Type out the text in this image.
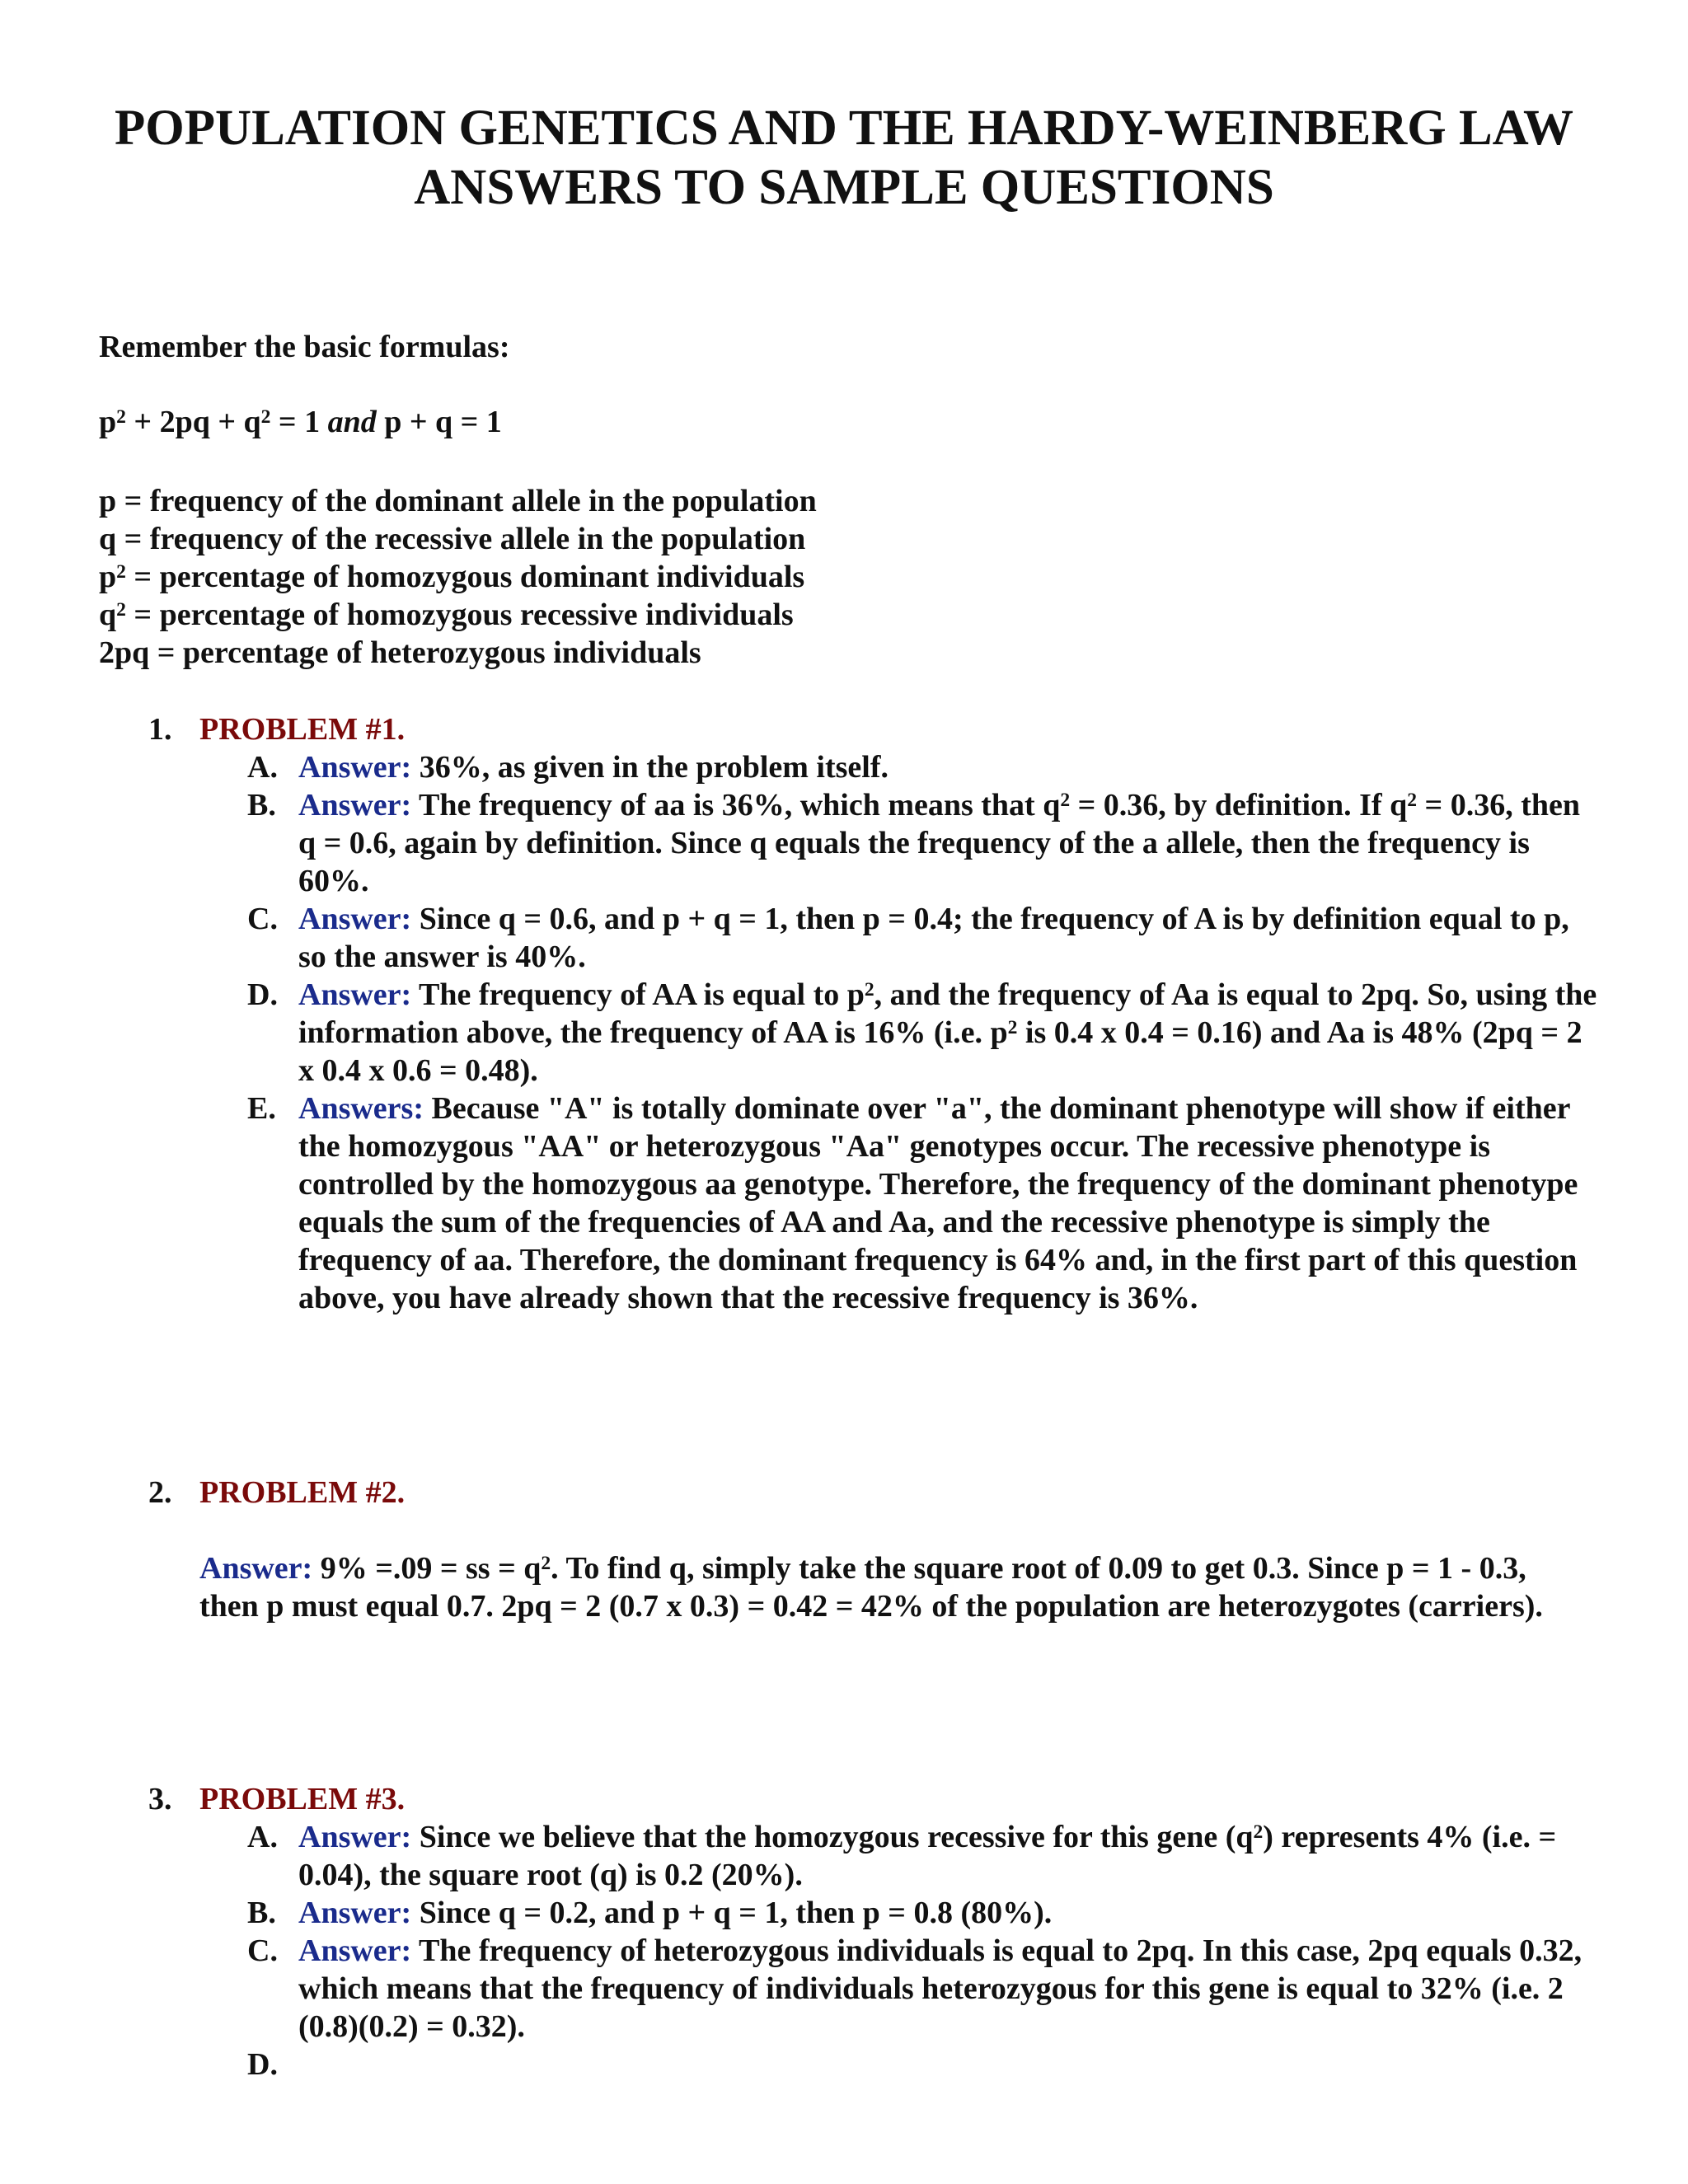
POPULATION GENETICS AND THE HARDY-WEINBERG LAW
ANSWERS TO SAMPLE QUESTIONS
Remember the basic formulas:
$p^2 + 2pq + q^2 = 1$ and p + q = 1
p = frequency of the dominant allele in the population
q = frequency of the recessive allele in the population
$p^2$ = percentage of homozygous dominant individuals
$q^2$ = percentage of homozygous recessive individuals
2pq = percentage of heterozygous individuals
1. PROBLEM #1.
A. Answer: 36%, as given in the problem itself.
B. Answer: The frequency of aa is 36%, which means that $q^2 = 0.36$, by definition. If $q^2 = 0.36$, then q = 0.6, again by definition. Since q equals the frequency of the a allele, then the frequency is 60%.
C. Answer: Since q = 0.6, and p + q = 1, then p = 0.4; the frequency of A is by definition equal to p, so the answer is 40%.
D. Answer: The frequency of AA is equal to $p^2$, and the frequency of Aa is equal to 2pq. So, using the information above, the frequency of AA is 16% (i.e. $p^2$ is 0.4 x 0.4 = 0.16) and Aa is 48% (2pq = 2 x 0.4 x 0.6 = 0.48).
E. Answers: Because "A" is totally dominate over "a", the dominant phenotype will show if either the homozygous "AA" or heterozygous "Aa" genotypes occur. The recessive phenotype is controlled by the homozygous aa genotype. Therefore, the frequency of the dominant phenotype equals the sum of the frequencies of AA and Aa, and the recessive phenotype is simply the frequency of aa. Therefore, the dominant frequency is 64% and, in the first part of this question above, you have already shown that the recessive frequency is 36%.
2. PROBLEM #2.
Answer: 9% =.09 = ss = $q^2$. To find q, simply take the square root of 0.09 to get 0.3. Since p = 1 - 0.3, then p must equal 0.7. 2pq = 2 (0.7 x 0.3) = 0.42 = 42% of the population are heterozygotes (carriers).
3. PROBLEM #3.
A. Answer: Since we believe that the homozygous recessive for this gene $(q^2)$ represents 4% (i.e. = 0.04), the square root (q) is 0.2 (20%).
B. Answer: Since q = 0.2, and p + q = 1, then p = 0.8 (80%).
C. Answer: The frequency of heterozygous individuals is equal to 2pq. In this case, 2pq equals 0.32, which means that the frequency of individuals heterozygous for this gene is equal to 32% (i.e. 2 (0.8)(0.2) = 0.32).
D.
